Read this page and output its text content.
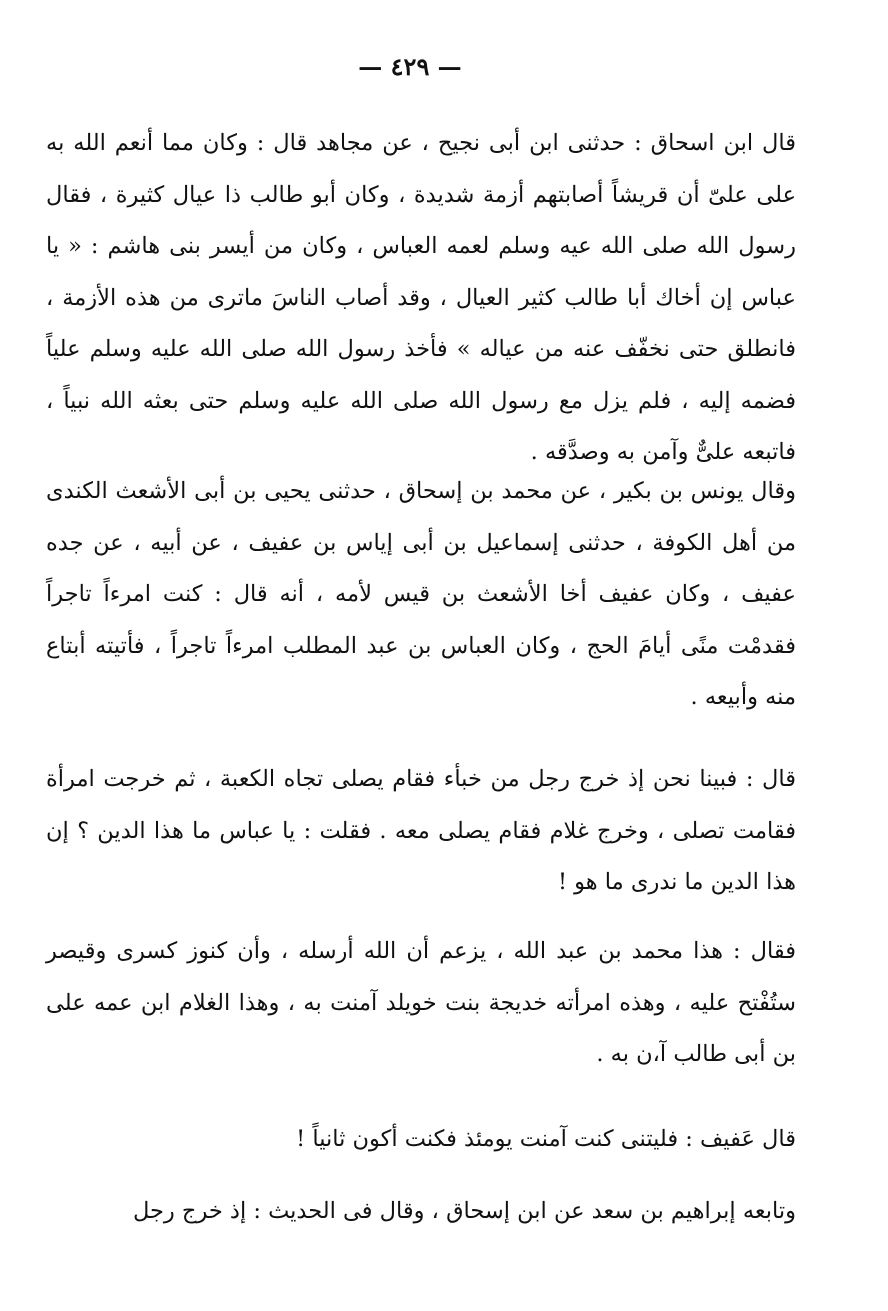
— ٤٢٩ —

قال ابن اسحاق : حدثنى ابن أبى نجيح ، عن مجاهد قال : وكان مما أنعم الله به على علىّ أن قريشاً أصابتهم أزمة شديدة ، وكان أبو طالب ذا عيال كثيرة ، فقال رسول الله صلى الله عيه وسلم لعمه العباس ، وكان من أيسر بنى هاشم : « يا عباس إن أخاك أبا طالب كثير العيال ، وقد أصاب الناسَ ماترى من هذه الأزمة ، فانطلق حتى نخفّف عنه من عياله » فأخذ رسول الله صلى الله عليه وسلم علياً فضمه إليه ، فلم يزل مع رسول الله صلى الله عليه وسلم حتى بعثه الله نبياً ، فاتبعه علىٌّ وآمن به وصدَّقه .

وقال يونس بن بكير ، عن محمد بن إسحاق ، حدثنى يحيى بن أبى الأشعث الكندى من أهل الكوفة ، حدثنى إسماعيل بن أبى إياس بن عفيف ، عن أبيه ، عن جده عفيف ، وكان عفيف أخا الأشعث بن قيس لأمه ، أنه قال : كنت امرءاً تاجراً فقدمْت منًى أيامَ الحج ، وكان العباس بن عبد المطلب امرءاً تاجراً ، فأتيته أبتاع منه وأبيعه .

قال : فبينا نحن إذ خرج رجل من خبأء فقام يصلى تجاه الكعبة ، ثم خرجت امرأة فقامت تصلى ، وخرج غلام فقام يصلى معه . فقلت : يا عباس ما هذا الدين ؟ إن هذا الدين ما ندرى ما هو !

فقال : هذا محمد بن عبد الله ، يزعم أن الله أرسله ، وأن كنوز كسرى وقيصر ستُفْتح عليه ، وهذه امرأته خديجة بنت خويلد آمنت به ، وهذا الغلام ابن عمه على بن أبى طالب آ،ن به .

قال عَفيف : فليتنى كنت آمنت يومئذ فكنت أكون ثانياً !

وتابعه إبراهيم بن سعد عن ابن إسحاق ، وقال فى الحديث : إذ خرج رجل
